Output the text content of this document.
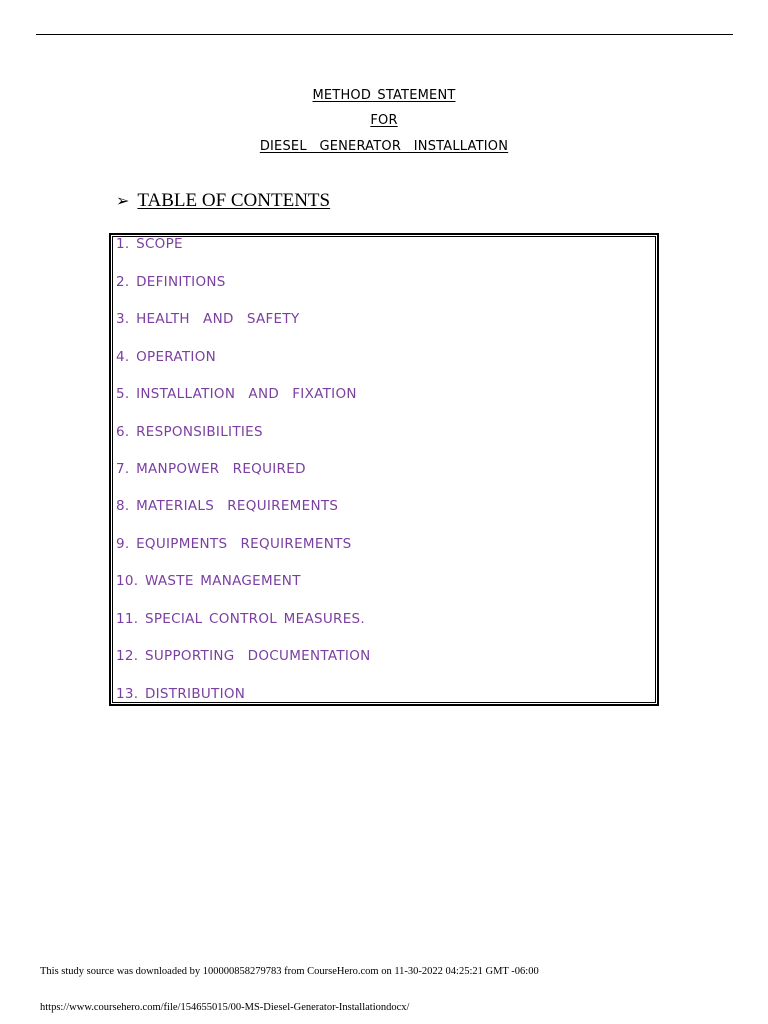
METHOD STATEMENT
FOR
DIESEL  GENERATOR  INSTALLATION
➢ TABLE OF CONTENTS
1. SCOPE
2. DEFINITIONS
3. HEALTH  AND  SAFETY
4. OPERATION
5. INSTALLATION  AND  FIXATION
6. RESPONSIBILITIES
7. MANPOWER  REQUIRED
8. MATERIALS  REQUIREMENTS
9. EQUIPMENTS  REQUIREMENTS
10. WASTE MANAGEMENT
11. SPECIAL CONTROL MEASURES.
12. SUPPORTING  DOCUMENTATION
13. DISTRIBUTION
This study source was downloaded by 100000858279783 from CourseHero.com on 11-30-2022 04:25:21 GMT -06:00
https://www.coursehero.com/file/154655015/00-MS-Diesel-Generator-Installationdocx/
